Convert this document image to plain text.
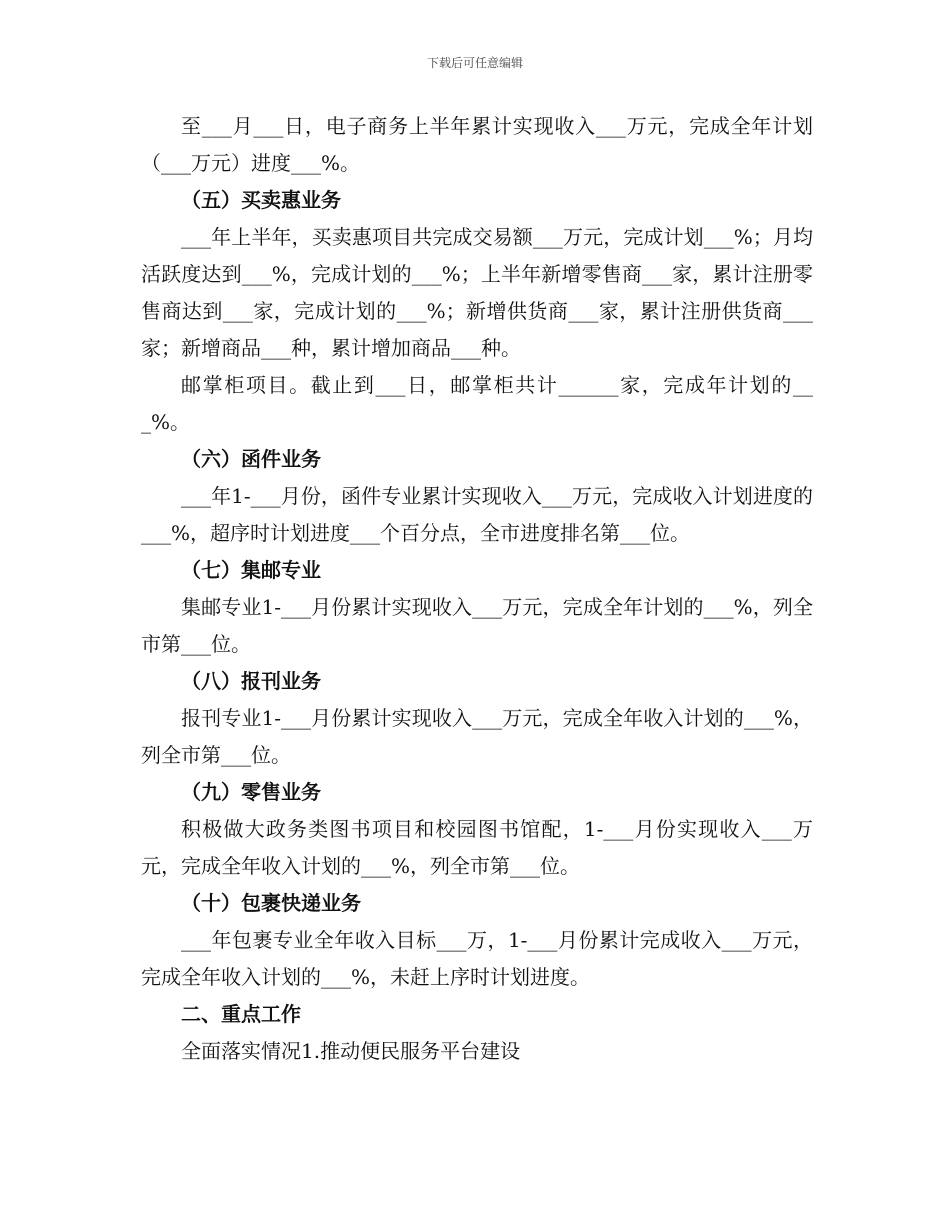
下载后可任意编辑

至___月___日，电子商务上半年累计实现收入___万元，完成全年计划（___万元）进度___%。

（五）买卖惠业务

___年上半年，买卖惠项目共完成交易额___万元，完成计划___%；月均活跃度达到___%，完成计划的___%；上半年新增零售商___家，累计注册零售商达到___家，完成计划的___%；新增供货商___家，累计注册供货商___家；新增商品___种，累计增加商品___种。

邮掌柜项目。截止到___日，邮掌柜共计______家，完成年计划的___%。

（六）函件业务

___年1-___月份，函件专业累计实现收入___万元，完成收入计划进度的___%，超序时计划进度___个百分点，全市进度排名第___位。

（七）集邮专业

集邮专业1-___月份累计实现收入___万元，完成全年计划的___%，列全市第___位。

（八）报刊业务

报刊专业1-___月份累计实现收入___万元，完成全年收入计划的___%，列全市第___位。

（九）零售业务

积极做大政务类图书项目和校园图书馆配，1-___月份实现收入___万元，完成全年收入计划的___%，列全市第___位。

（十）包裹快递业务

___年包裹专业全年收入目标___万，1-___月份累计完成收入___万元，完成全年收入计划的___%，未赶上序时计划进度。

二、重点工作

全面落实情况1.推动便民服务平台建设
